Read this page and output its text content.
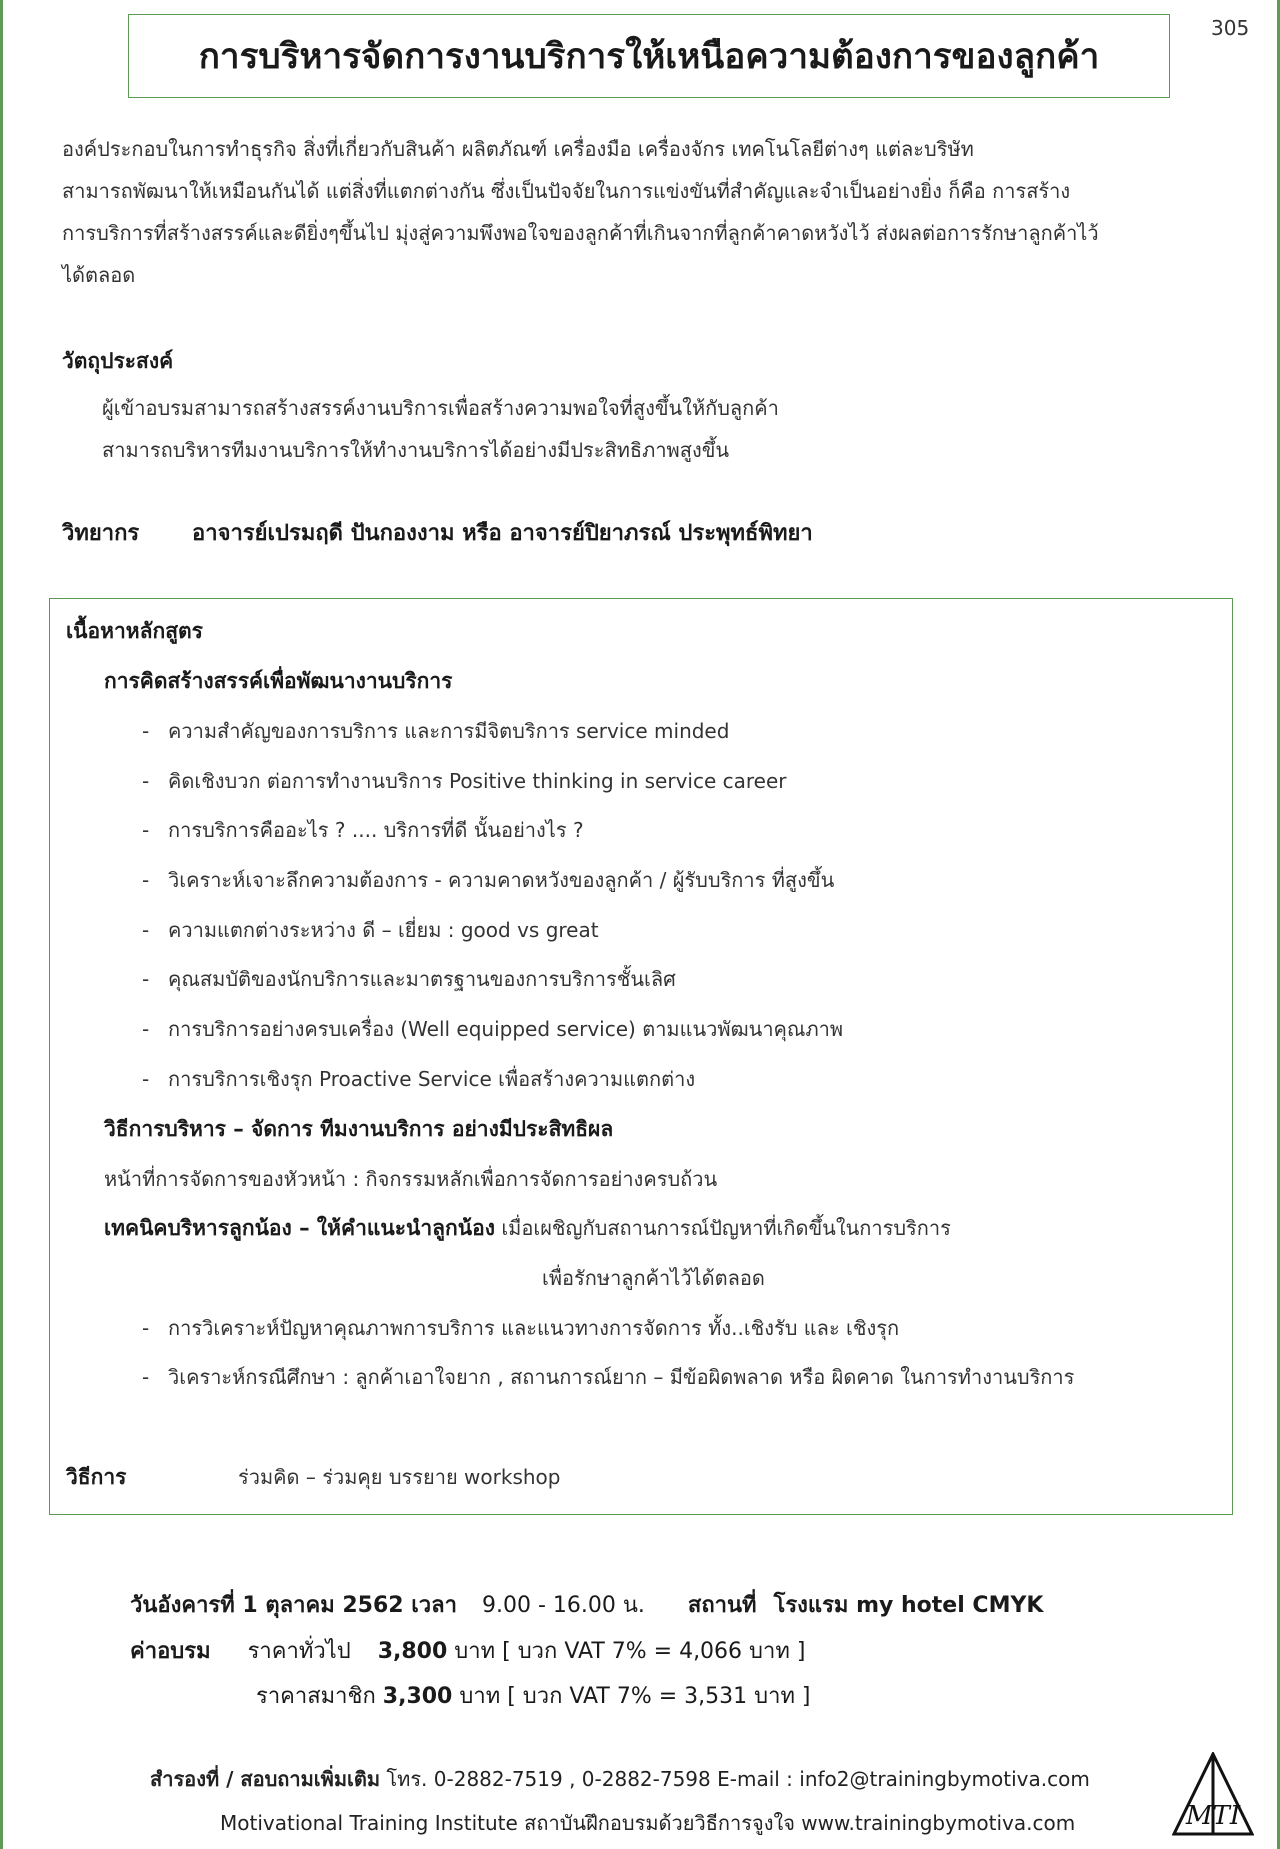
305
การบริหารจัดการงานบริการให้เหนือความต้องการของลูกค้า
องค์ประกอบในการทำธุรกิจ สิ่งที่เกี่ยวกับสินค้า ผลิตภัณฑ์ เครื่องมือ เครื่องจักร เทคโนโลยีต่างๆ แต่ละบริษัท
สามารถพัฒนาให้เหมือนกันได้ แต่สิ่งที่แตกต่างกัน ซึ่งเป็นปัจจัยในการแข่งขันที่สำคัญและจำเป็นอย่างยิ่ง ก็คือ การสร้าง
การบริการที่สร้างสรรค์และดียิ่งๆขึ้นไป มุ่งสู่ความพึงพอใจของลูกค้าที่เกินจากที่ลูกค้าคาดหวังไว้ ส่งผลต่อการรักษาลูกค้าไว้
ได้ตลอด
วัตถุประสงค์
ผู้เข้าอบรมสามารถสร้างสรรค์งานบริการเพื่อสร้างความพอใจที่สูงขึ้นให้กับลูกค้า
สามารถบริหารทีมงานบริการให้ทำงานบริการได้อย่างมีประสิทธิภาพสูงขึ้น
วิทยากร อาจารย์เปรมฤดี ปันกองงาม หรือ อาจารย์ปิยาภรณ์ ประพุทธ์พิทยา
เนื้อหาหลักสูตร
การคิดสร้างสรรค์เพื่อพัฒนางานบริการ
- ความสำคัญของการบริการ และการมีจิตบริการ service minded
- คิดเชิงบวก ต่อการทำงานบริการ Positive thinking in service career
- การบริการคืออะไร ? .... บริการที่ดี นั้นอย่างไร ?
- วิเคราะห์เจาะลึกความต้องการ - ความคาดหวังของลูกค้า / ผู้รับบริการ ที่สูงขึ้น
- ความแตกต่างระหว่าง ดี – เยี่ยม : good vs great
- คุณสมบัติของนักบริการและมาตรฐานของการบริการชั้นเลิศ
- การบริการอย่างครบเครื่อง (Well equipped service) ตามแนวพัฒนาคุณภาพ
- การบริการเชิงรุก Proactive Service เพื่อสร้างความแตกต่าง
วิธีการบริหาร – จัดการ ทีมงานบริการ อย่างมีประสิทธิผล
หน้าที่การจัดการของหัวหน้า : กิจกรรมหลักเพื่อการจัดการอย่างครบถ้วน
เทคนิคบริหารลูกน้อง – ให้คำแนะนำลูกน้อง เมื่อเผชิญกับสถานการณ์ปัญหาที่เกิดขึ้นในการบริการ
เพื่อรักษาลูกค้าไว้ได้ตลอด
- การวิเคราะห์ปัญหาคุณภาพการบริการ และแนวทางการจัดการ ทั้ง..เชิงรับ และ เชิงรุก
- วิเคราะห์กรณีศึกษา : ลูกค้าเอาใจยาก , สถานการณ์ยาก – มีข้อผิดพลาด หรือ ผิดคาด ในการทำงานบริการ
วิธีการ	ร่วมคิด – ร่วมคุย บรรยาย workshop
วันอังคารที่ 1 ตุลาคม 2562 เวลา 9.00 - 16.00 น. สถานที่ โรงแรม my hotel CMYK
ค่าอบรม ราคาทั่วไป 3,800 บาท [ บวก VAT 7% = 4,066 บาท ]
ราคาสมาชิก 3,300 บาท [ บวก VAT 7% = 3,531 บาท ]
สำรองที่ / สอบถามเพิ่มเติม โทร. 0-2882-7519 , 0-2882-7598 E-mail : info2@trainingbymotiva.com
Motivational Training Institute สถาบันฝึกอบรมด้วยวิธีการจูงใจ www.trainingbymotiva.com	MTI
